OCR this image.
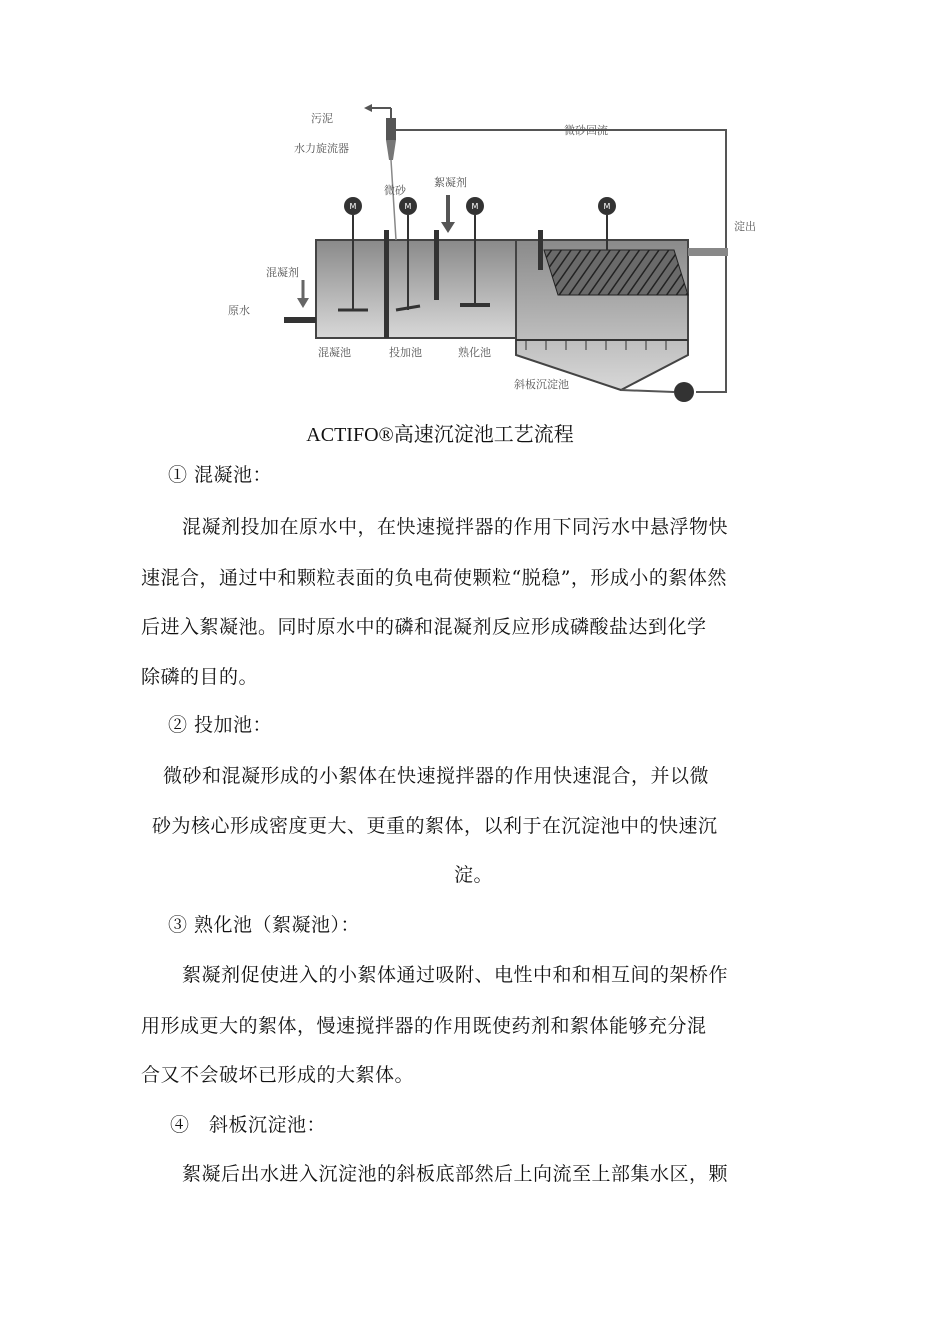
M	M	M	M
污泥
水力旋流器
微砂回流
微砂
絮凝剂
混凝剂
原水
淀出
混凝池	投加池	熟化池
斜板沉淀池
ACTIFO®高速沉淀池工艺流程
① 混凝池：
混凝剂投加在原水中，在快速搅拌器的作用下同污水中悬浮物快
速混合，通过中和颗粒表面的负电荷使颗粒“脱稳”，形成小的絮体然
后进入絮凝池。同时原水中的磷和混凝剂反应形成磷酸盐达到化学
除磷的目的。
② 投加池：
微砂和混凝形成的小絮体在快速搅拌器的作用快速混合，并以微
砂为核心形成密度更大、更重的絮体，以利于在沉淀池中的快速沉
淀。
③ 熟化池（絮凝池）：
絮凝剂促使进入的小絮体通过吸附、电性中和和相互间的架桥作
用形成更大的絮体，慢速搅拌器的作用既使药剂和絮体能够充分混
合又不会破坏已形成的大絮体。
④　斜板沉淀池：
絮凝后出水进入沉淀池的斜板底部然后上向流至上部集水区，颗
